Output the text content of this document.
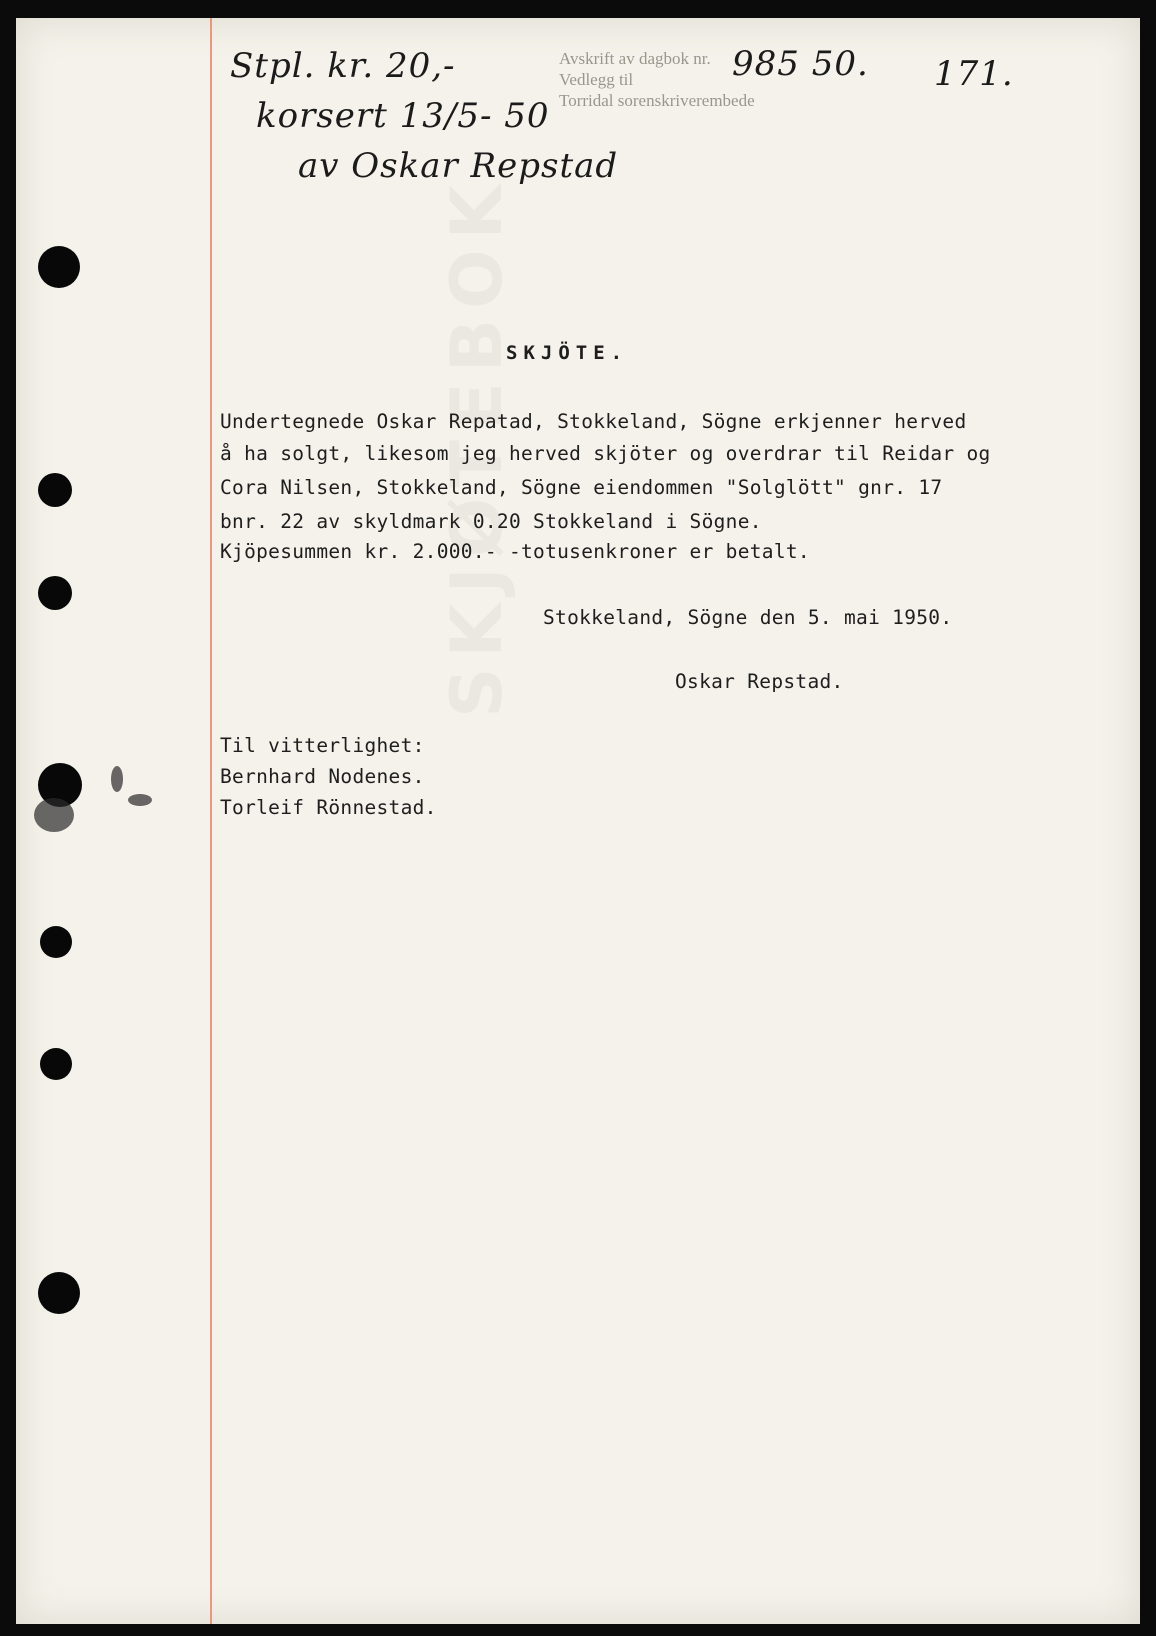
SKJØTEBOK
Stpl. kr. 20,-
korsert 13/5- 50
av Oskar Repstad
Avskrift av dagbok nr.
Vedlegg til
Torridal sorenskriverembede
985 50. 171.
SKJÖTE.
Undertegnede Oskar Repatad, Stokkeland, Sögne erkjenner herved
å ha solgt, likesom jeg herved skjöter og overdrar til Reidar og
Cora Nilsen, Stokkeland, Sögne eiendommen "Solglött" gnr. 17
bnr. 22 av skyldmark 0.20 Stokkeland i Sögne.
Kjöpesummen kr. 2.000.- -totusenkroner er betalt.
Stokkeland, Sögne den 5. mai 1950.
Oskar Repstad.
Til vitterlighet:
Bernhard Nodenes.
Torleif Rönnestad.
